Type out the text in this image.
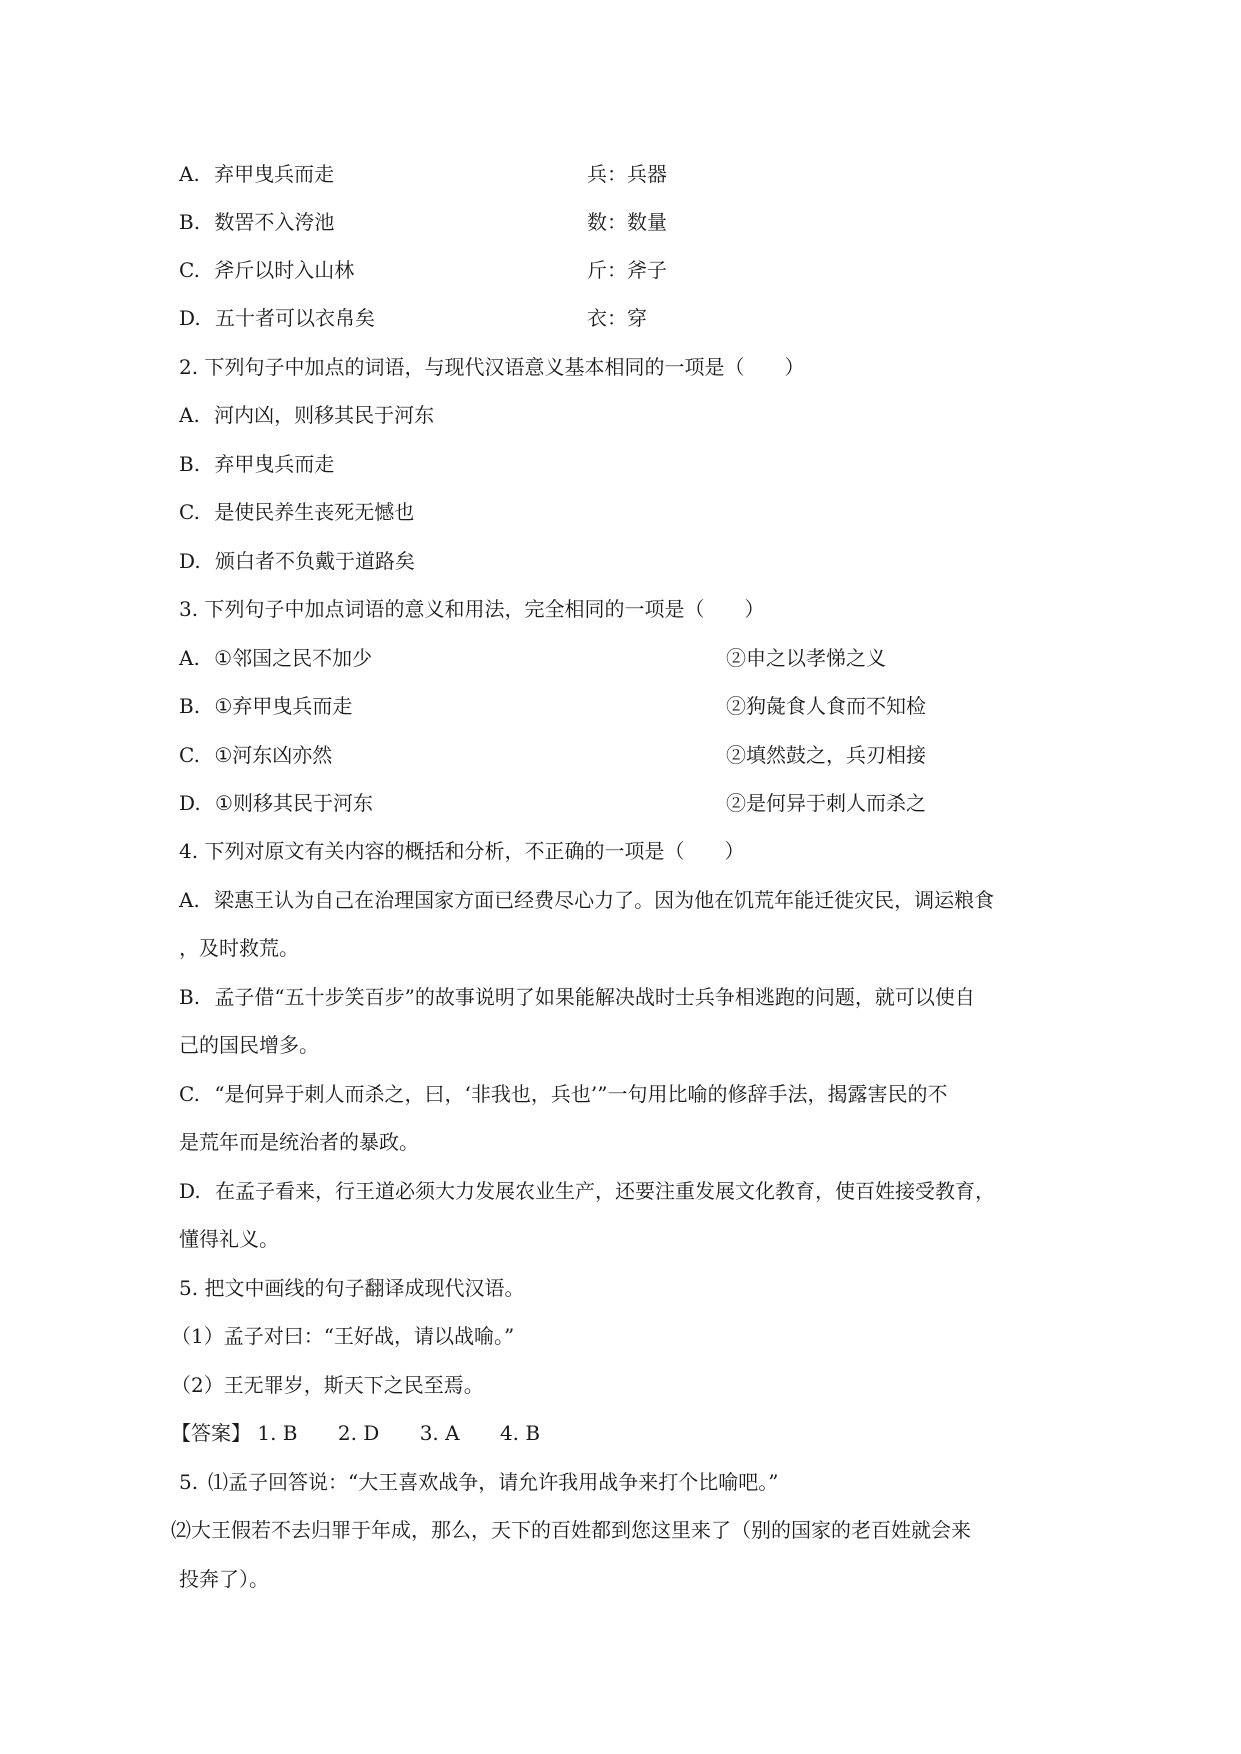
A. 弃甲曳兵而走	兵：兵器
B. 数罟不入洿池	数：数量
C. 斧斤以时入山林	斤：斧子
D. 五十者可以衣帛矣	衣：穿
2. 下列句子中加点的词语，与现代汉语意义基本相同的一项是（　　）
A. 河内凶，则移其民于河东
B. 弃甲曳兵而走
C. 是使民养生丧死无憾也
D. 颁白者不负戴于道路矣
3. 下列句子中加点词语的意义和用法，完全相同的一项是（　　）
A. ①邻国之民不加少	②申之以孝悌之义
B. ①弃甲曳兵而走	②狗彘食人食而不知检
C. ①河东凶亦然	②填然鼓之，兵刃相接
D. ①则移其民于河东	②是何异于刺人而杀之
4. 下列对原文有关内容的概括和分析，不正确的一项是（　　）
A. 梁惠王认为自己在治理国家方面已经费尽心力了。因为他在饥荒年能迁徙灾民，调运粮食
，及时救荒。
B. 孟子借“五十步笑百步”的故事说明了如果能解决战时士兵争相逃跑的问题，就可以使自
己的国民增多。
C. “是何异于刺人而杀之，曰，‘非我也，兵也’”一句用比喻的修辞手法，揭露害民的不
是荒年而是统治者的暴政。
D. 在孟子看来，行王道必须大力发展农业生产，还要注重发展文化教育，使百姓接受教育，
懂得礼义。
5. 把文中画线的句子翻译成现代汉语。
（1）孟子对曰：“王好战，请以战喻。”
（2）王无罪岁，斯天下之民至焉。
【答案】 1. B 2. D 3. A 4. B
5. ⑴孟子回答说：“大王喜欢战争，请允许我用战争来打个比喻吧。”
⑵大王假若不去归罪于年成，那么，天下的百姓都到您这里来了（别的国家的老百姓就会来
投奔了）。
